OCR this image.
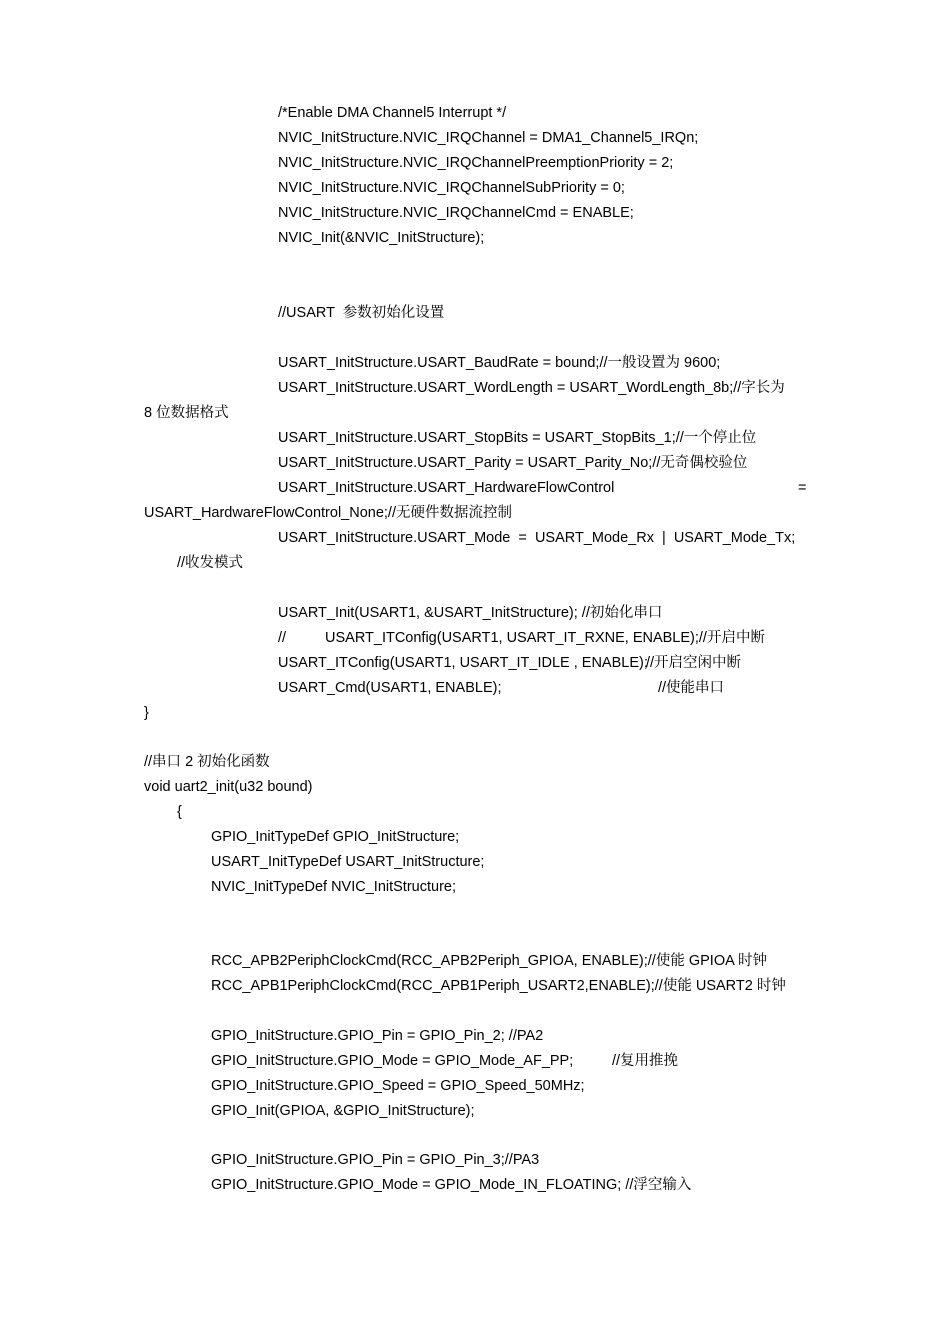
/*Enable DMA Channel5 Interrupt */
NVIC_InitStructure.NVIC_IRQChannel = DMA1_Channel5_IRQn;
NVIC_InitStructure.NVIC_IRQChannelPreemptionPriority = 2;
NVIC_InitStructure.NVIC_IRQChannelSubPriority = 0;
NVIC_InitStructure.NVIC_IRQChannelCmd = ENABLE;
NVIC_Init(&NVIC_InitStructure);
//USART  参数初始化设置
USART_InitStructure.USART_BaudRate = bound;//一般设置为 9600;
USART_InitStructure.USART_WordLength = USART_WordLength_8b;//字长为
8 位数据格式
USART_InitStructure.USART_StopBits = USART_StopBits_1;//一个停止位
USART_InitStructure.USART_Parity = USART_Parity_No;//无奇偶校验位
USART_InitStructure.USART_HardwareFlowControl	=
USART_HardwareFlowControl_None;//无硬件数据流控制
USART_InitStructure.USART_Mode  =  USART_Mode_Rx  |  USART_Mode_Tx;
//收发模式
USART_Init(USART1, &USART_InitStructure); //初始化串口
//	USART_ITConfig(USART1, USART_IT_RXNE, ENABLE);//开启中断
USART_ITConfig(USART1, USART_IT_IDLE , ENABLE);
//开启空闲中断
USART_Cmd(USART1, ENABLE);	//使能串口
}
//串口 2 初始化函数
void uart2_init(u32 bound)
{
GPIO_InitTypeDef GPIO_InitStructure;
USART_InitTypeDef USART_InitStructure;
NVIC_InitTypeDef NVIC_InitStructure;
RCC_APB2PeriphClockCmd(RCC_APB2Periph_GPIOA, ENABLE);//使能 GPIOA 时钟
RCC_APB1PeriphClockCmd(RCC_APB1Periph_USART2,ENABLE);//使能 USART2 时钟
GPIO_InitStructure.GPIO_Pin = GPIO_Pin_2; //PA2
GPIO_InitStructure.GPIO_Mode = GPIO_Mode_AF_PP;	//复用推挽
GPIO_InitStructure.GPIO_Speed = GPIO_Speed_50MHz;
GPIO_Init(GPIOA, &GPIO_InitStructure);
GPIO_InitStructure.GPIO_Pin = GPIO_Pin_3;//PA3
GPIO_InitStructure.GPIO_Mode = GPIO_Mode_IN_FLOATING; //浮空输入
